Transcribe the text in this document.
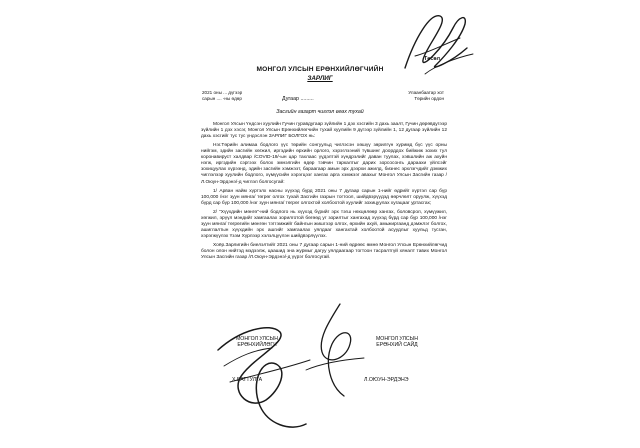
Төсөл
МОНГОЛ УЛСЫН ЕРӨНХИЙЛӨГЧИЙН
ЗАРЛИГ
2021 оны ... дүгээр
сарын .... -ны өдөр	Дугаар .........
Улаанбаатар хот
Төрийн ордон
Засгийн газарт чиглэл өгөх тухай

Монгол Улсын Үндсэн хуулийн Гучин гуравдугаар зүйлийн 1 дэх хэсгийн 3 дахь заалт, Гучин дөрөвдүгээр зүйлийн 1 дэх хэсэг, Монгол Улсын Ерөнхийлөгчийн тухай хуулийн 9 дүгээр зүйлийн 1, 12 дугаар зүйлийн 12 дахь хэсгийг тус тус үндэслэн ЗАРЛИГ БОЛГОХ нь:

Нэг.Төрийн алимаа бодлого үүс төрийн сонгуульд чиглэсэн хөшүү зөрилгүн хуримд бүс үүс орны нийгэм, эдийн засгийн хөгжил, иргэдийн өрхийн орлого, хэрэглээний түвшинг доорддох бийжиж зохих тул коронавируст халдвар /COVID-19/-ын цар тахлаас үүдэлтэй хүндрэлийг даван туулах, хэвшлийн аж ахуйн нэгж, иргэдийн сэргээх болох эмнэлгийн өдөр тэвчин таркалтыг дарих зорсосонгь дараахи үйлсэйг зохицуулах хүрээнд, эдийн засгийн хэмжээт, бараагаар амын эрх дээрхи ажилд, бизнес эрхлэгчдийг дэмжих чиглэлээр хуулийн бодлого, хүмүүсийн хэрэгцээг хангах арга хэмжээг авахыг Монгол Улсын Засгийн газар /Л.Оюун-Эрдэнэ/-д чиглэл болгосугай:

1/ Арван найм хүртэлх насны хүүхэд бүрд 2021 оны 7 дугаар сарын 1-нийг өдрийг хүртэл сар бүр 100,000 /нэг зуун мянга/ төгрөг олгох тухай Засгийн газрын тогтоол, шийдвэрүүдэд өөрчлөлт оруулж, хүүхэд бүрд сар бүр 100,000 /нэг зуун мянга/ төгрөг олгохтой холбоотой хуулийг зохицуулах хугацааг уртасгах;

2/ "Хүүхдийн мөнгө"-ний бодлого нь хүүхэд бүрийг эрх тэгш нөхцөлөөр хангах, боловсрол, хүмүүжил, хөгжил, эрүүл мэндийг хамгаалах зорилготой бөгөөд уг зорилтыг хангахад хүүхэд бүрд сар бүр 100,000 /нэг зуун мянга/ төгрөгийн мөнгөн тэтгэмжийг байнгын жишгээр олгох, өрхийн ахуй, амьжиргаанд дэмжлэг болгох, ашиглалтын хүүхдийн эрх ашгийг хамгаалах уялдааг хангахтай холбоотой асуудлыг хуульд тусган, хэрэгжүүлэх Үзэм Хүрлээр хэлэлцүүлэн шийдвэрлүүлэх.

Хоёр.Зарлигийн биелэлтийг 2021 оны 7 дугаар сарын 1-ний өдрөөс өмнө Монгол Улсын Ерөнхийлөгчид болон олон нийтэд мэдээлж, цаашид эна журмыг дагуу уялдаагаар тогтоон тасралтгүй хяналт тавих Монгол Улсын Засгийн газар /Л.Оюун-Эрдэнэ/-д үүрэг болгосугай.

МОНГОЛ УЛСЫН
ЕРӨНХИЙЛӨГЧ
Х.БАТТУЛГА
МОНГОЛ УЛСЫН
ЕРӨНХИЙ САЙД
Л.ОЮУН-ЭРДЭНЭ
